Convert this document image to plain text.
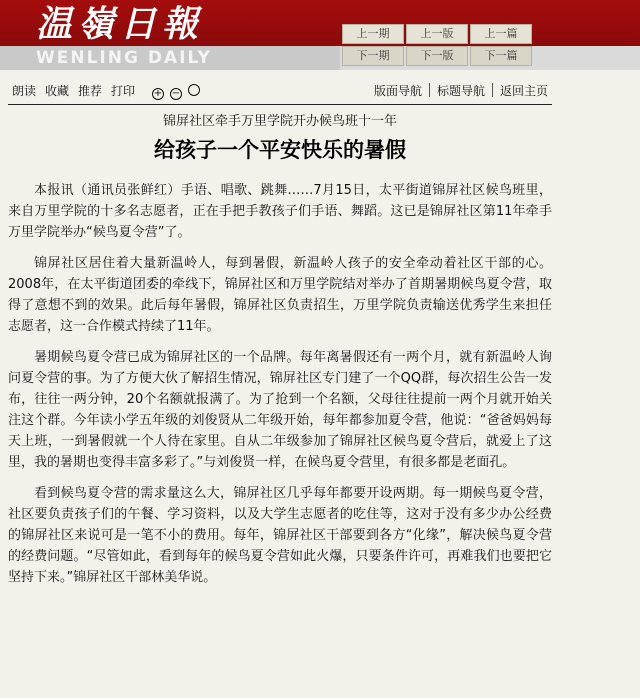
温嶺日報
WENLING DAILY
上一期	上一版	上一篇
下一期	下一版	下一篇
朗读 收藏 推荐 打印	+ −	版面导航 标题导航 返回主页
锦屏社区牵手万里学院开办候鸟班十一年
给孩子一个平安快乐的暑假

本报讯（通讯员张鲜红）手语、唱歌、跳舞……7月15日，太平街道锦屏社区候鸟班里，来自万里学院的十多名志愿者，正在手把手教孩子们手语、舞蹈。这已是锦屏社区第11年牵手万里学院举办“候鸟夏令营”了。

锦屏社区居住着大量新温岭人，每到暑假，新温岭人孩子的安全牵动着社区干部的心。2008年，在太平街道团委的牵线下，锦屏社区和万里学院结对举办了首期暑期候鸟夏令营，取得了意想不到的效果。此后每年暑假，锦屏社区负责招生，万里学院负责输送优秀学生来担任志愿者，这一合作模式持续了11年。

暑期候鸟夏令营已成为锦屏社区的一个品牌。每年离暑假还有一两个月，就有新温岭人询问夏令营的事。为了方便大伙了解招生情况，锦屏社区专门建了一个QQ群，每次招生公告一发布，往往一两分钟，20个名额就报满了。为了抢到一个名额，父母往往提前一两个月就开始关注这个群。今年读小学五年级的刘俊贤从二年级开始，每年都参加夏令营，他说：“爸爸妈妈每天上班，一到暑假就一个人待在家里。自从二年级参加了锦屏社区候鸟夏令营后，就爱上了这里，我的暑期也变得丰富多彩了。”与刘俊贤一样，在候鸟夏令营里，有很多都是老面孔。

看到候鸟夏令营的需求量这么大，锦屏社区几乎每年都要开设两期。每一期候鸟夏令营，社区要负责孩子们的午餐、学习资料，以及大学生志愿者的吃住等，这对于没有多少办公经费的锦屏社区来说可是一笔不小的费用。每年，锦屏社区干部要到各方“化缘”，解决候鸟夏令营的经费问题。“尽管如此，看到每年的候鸟夏令营如此火爆，只要条件许可，再难我们也要把它坚持下来。”锦屏社区干部林美华说。
